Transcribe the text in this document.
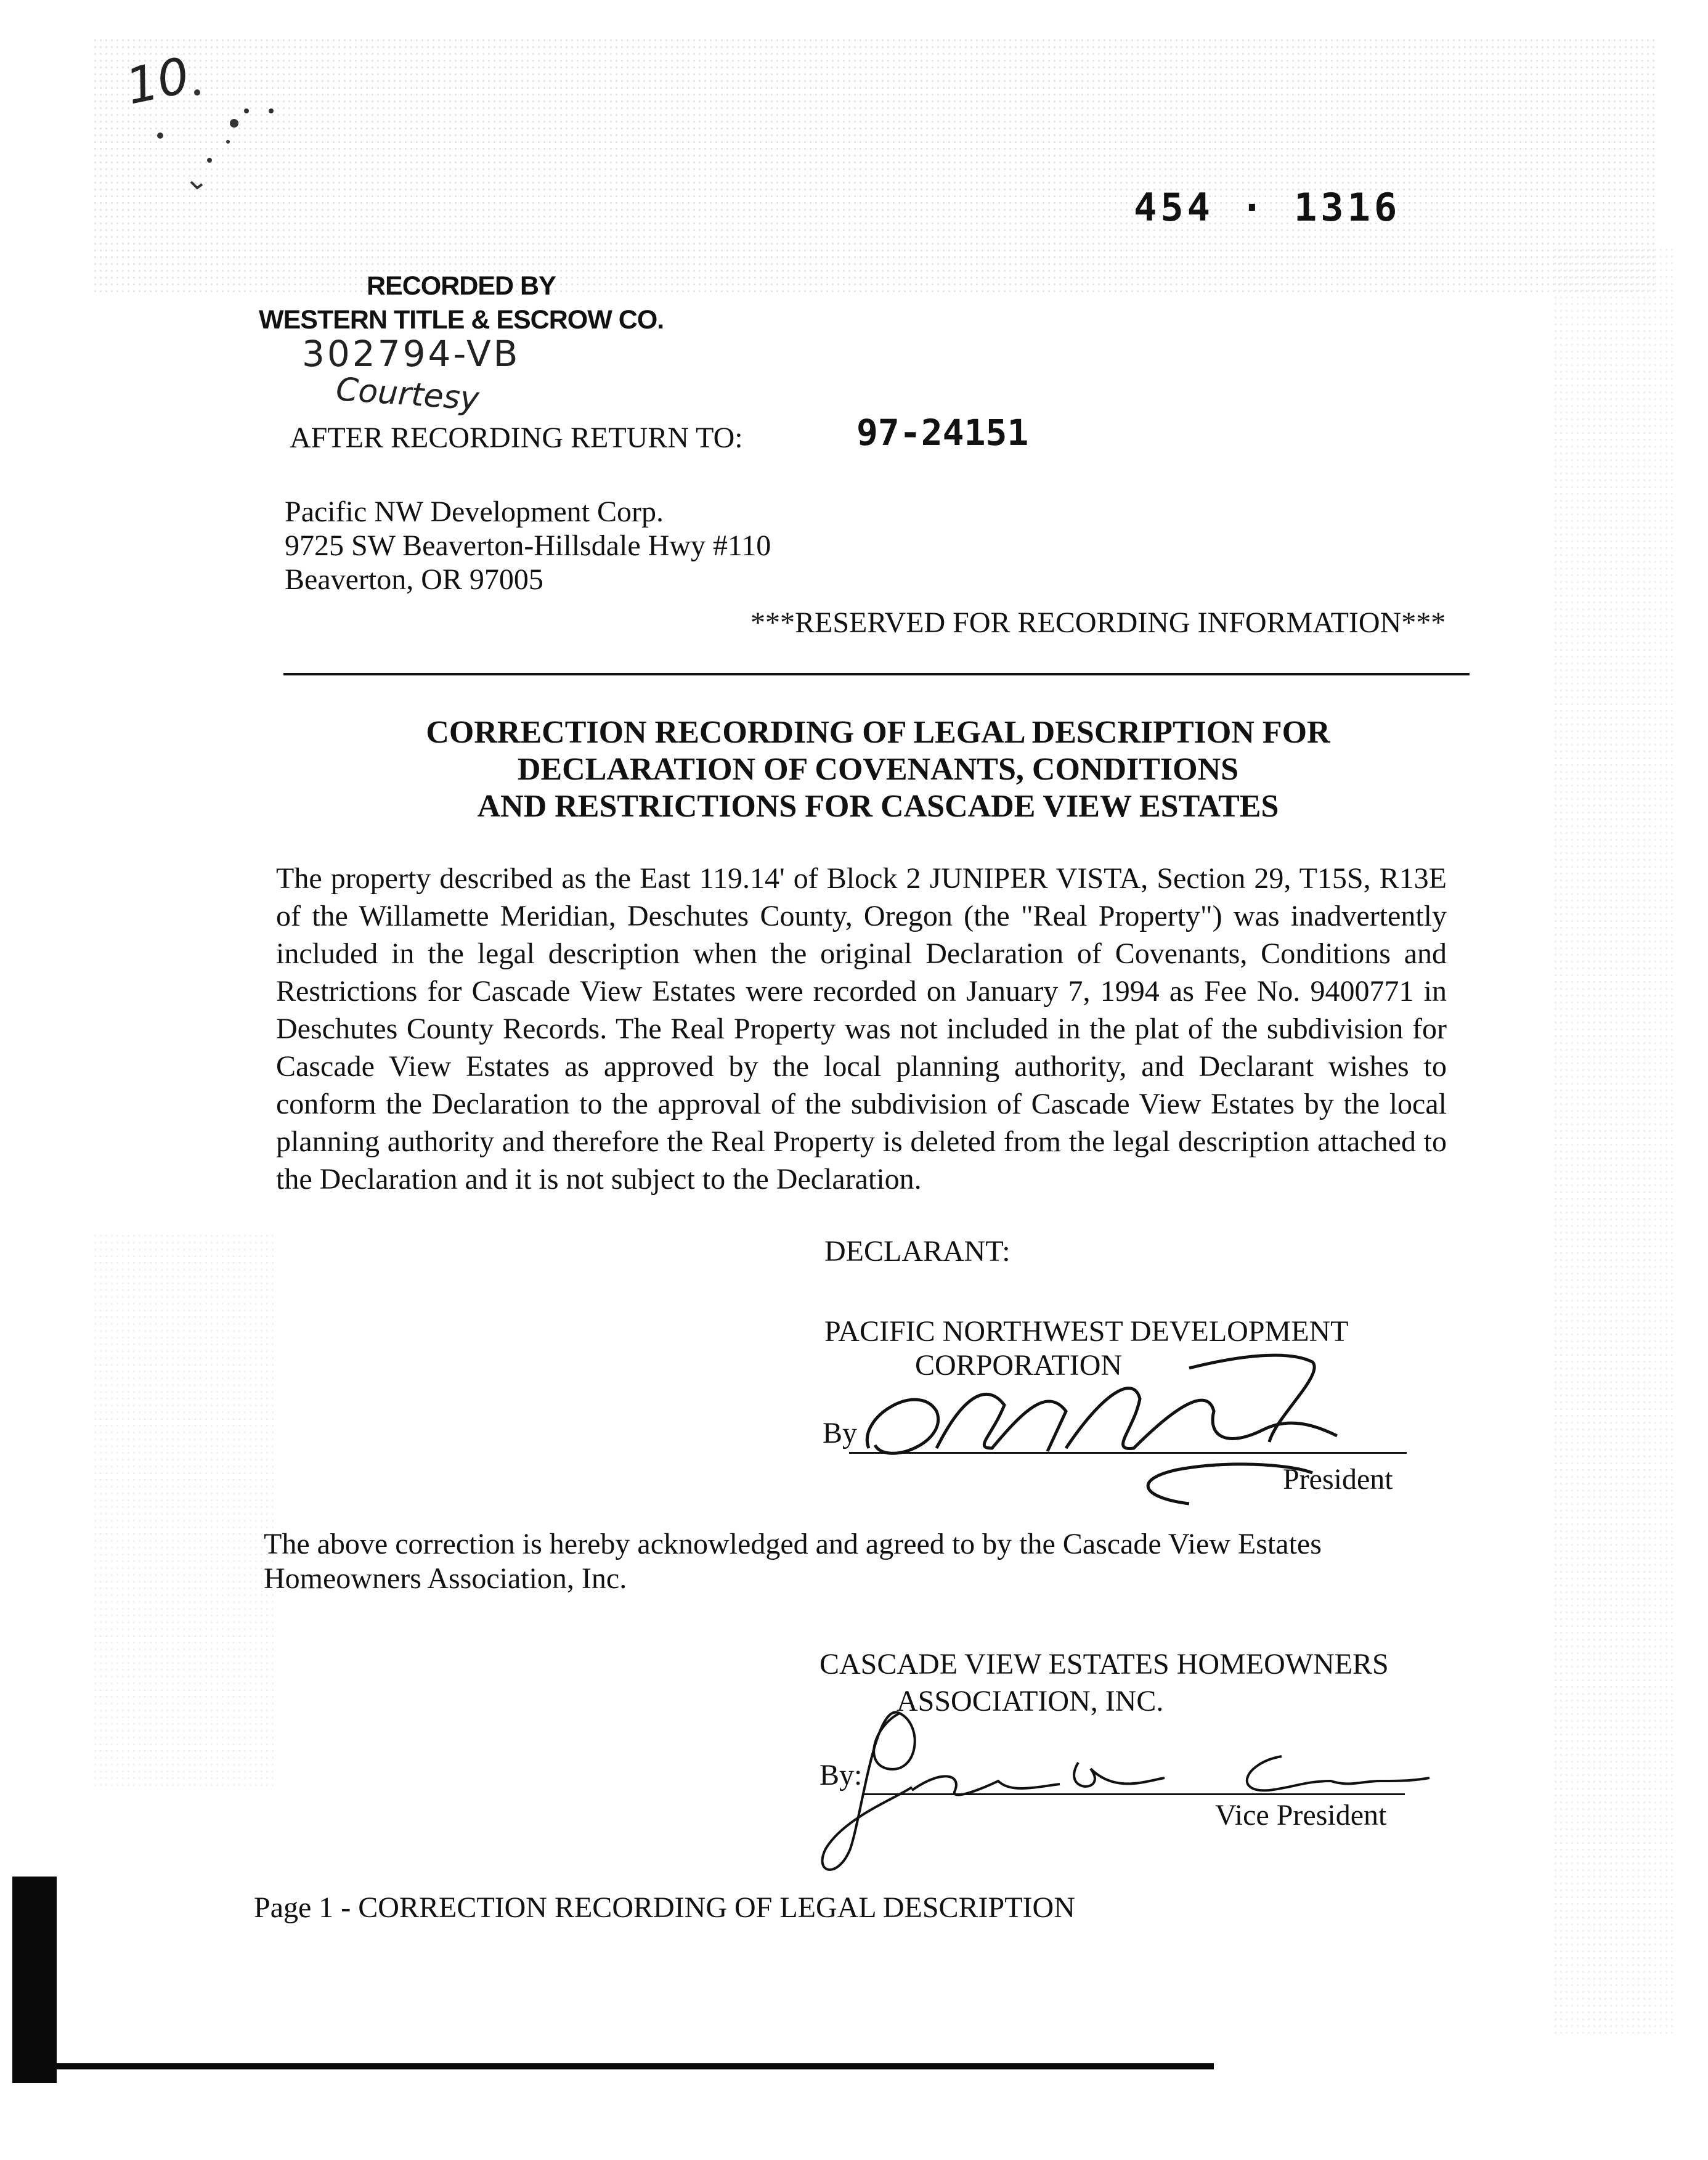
10
454 · 1316
RECORDED BY
WESTERN TITLE & ESCROW CO.
302794-VB
Courtesy
AFTER RECORDING RETURN TO:	97-24151
Pacific NW Development Corp.
9725 SW Beaverton-Hillsdale Hwy #110
Beaverton, OR 97005
***RESERVED FOR RECORDING INFORMATION***
CORRECTION RECORDING OF LEGAL DESCRIPTION FOR
DECLARATION OF COVENANTS, CONDITIONS
AND RESTRICTIONS FOR CASCADE VIEW ESTATES
The property described as the East 119.14' of Block 2 JUNIPER VISTA, Section 29, T15S, R13E of the Willamette Meridian, Deschutes County, Oregon (the "Real Property") was inadvertently included in the legal description when the original Declaration of Covenants, Conditions and Restrictions for Cascade View Estates were recorded on January 7, 1994 as Fee No. 9400771 in Deschutes County Records. The Real Property was not included in the plat of the subdivision for Cascade View Estates as approved by the local planning authority, and Declarant wishes to conform the Declaration to the approval of the subdivision of Cascade View Estates by the local planning authority and therefore the Real Property is deleted from the legal description attached to the Declaration and it is not subject to the Declaration.
DECLARANT:
PACIFIC NORTHWEST DEVELOPMENT
CORPORATION
By
President
The above correction is hereby acknowledged and agreed to by the Cascade View Estates Homeowners Association, Inc.
CASCADE VIEW ESTATES HOMEOWNERS
ASSOCIATION, INC.
By:
Vice President
Page 1 - CORRECTION RECORDING OF LEGAL DESCRIPTION
